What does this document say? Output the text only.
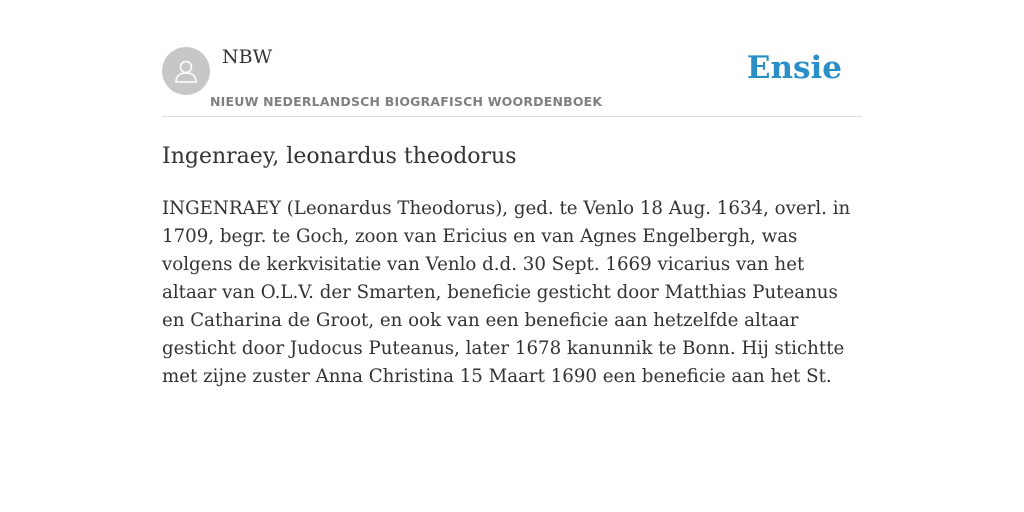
NBW
NIEUW NEDERLANDSCH BIOGRAFISCH WOORDENBOEK
Ensie
Ingenraey, leonardus theodorus

INGENRAEY (Leonardus Theodorus), ged. te Venlo 18 Aug. 1634, overl. in 1709, begr. te Goch, zoon van Ericius en van Agnes Engelbergh, was volgens de kerkvisitatie van Venlo d.d. 30 Sept. 1669 vicarius van het altaar van O.L.V. der Smarten, beneficie gesticht door Matthias Puteanus en Catharina de Groot, en ook van een beneficie aan hetzelfde altaar gesticht door Judocus Puteanus, later 1678 kanunnik te Bonn. Hij stichtte met zijne zuster Anna Christina 15 Maart 1690 een beneficie aan het St.
